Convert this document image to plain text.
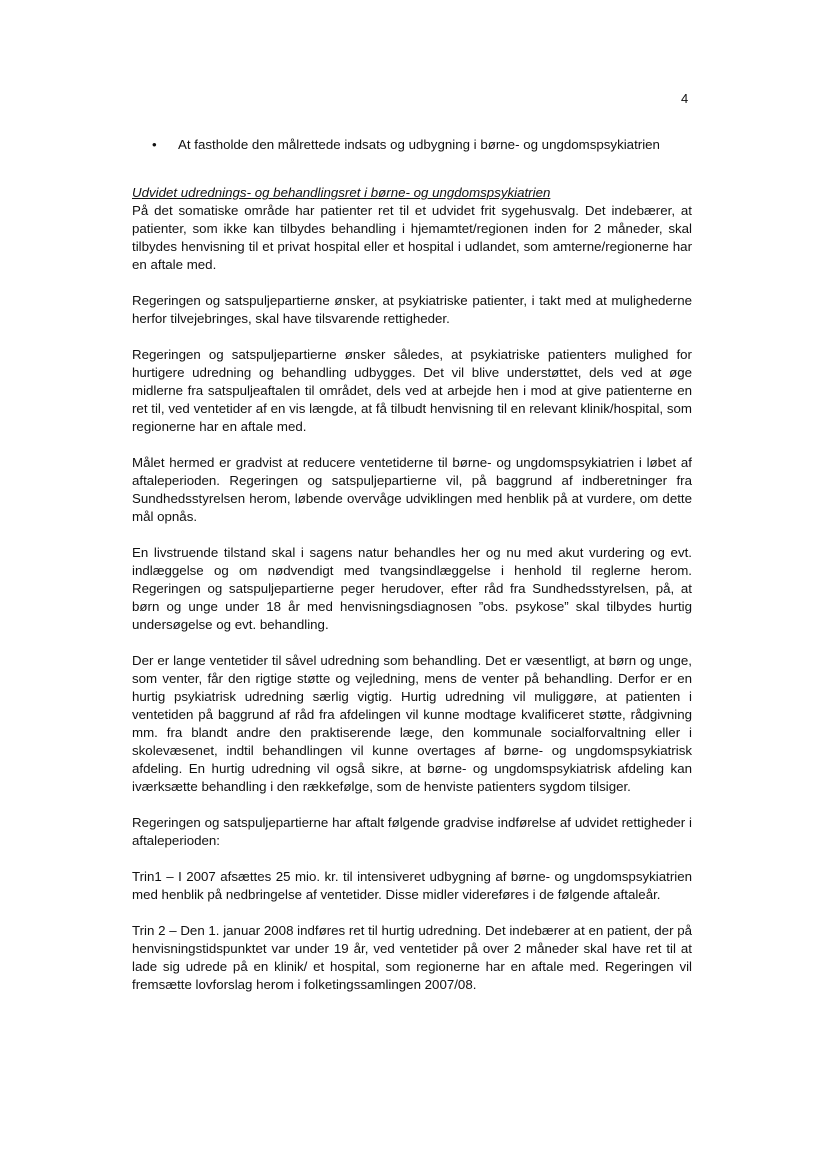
4
•	At fastholde den målrettede indsats og udbygning i børne- og ungdomspsykiatrien
Udvidet udrednings- og behandlingsret i børne- og ungdomspsykiatrien

På det somatiske område har patienter ret til et udvidet frit sygehusvalg. Det indebærer, at patienter, som ikke kan tilbydes behandling i hjemamtet/regionen inden for 2 måneder, skal tilbydes henvisning til et privat hospital eller et hospital i udlandet, som amterne/regionerne har en aftale med.

Regeringen og satspuljepartierne ønsker, at psykiatriske patienter, i takt med at mulighederne herfor tilvejebringes, skal have tilsvarende rettigheder.

Regeringen og satspuljepartierne ønsker således, at psykiatriske patienters mulighed for hurtigere udredning og behandling udbygges. Det vil blive understøttet, dels ved at øge midlerne fra satspuljeaftalen til området, dels ved at arbejde hen i mod at give patienterne en ret til, ved ventetider af en vis længde, at få tilbudt henvisning til en relevant klinik/hospital, som regionerne har en aftale med.

Målet hermed er gradvist at reducere ventetiderne til børne- og ungdomspsykiatrien i løbet af aftaleperioden. Regeringen og satspuljepartierne vil, på baggrund af indberetninger fra Sundhedsstyrelsen herom, løbende overvåge udviklingen med henblik på at vurdere, om dette mål opnås.

En livstruende tilstand skal i sagens natur behandles her og nu med akut vurdering og evt. indlæggelse og om nødvendigt med tvangsindlæggelse i henhold til reglerne herom. Regeringen og satspuljepartierne peger herudover, efter råd fra Sundhedsstyrelsen, på, at børn og unge under 18 år med henvisningsdiagnosen ”obs. psykose” skal tilbydes hurtig undersøgelse og evt. behandling.

Der er lange ventetider til såvel udredning som behandling. Det er væsentligt, at børn og unge, som venter, får den rigtige støtte og vejledning, mens de venter på behandling. Derfor er en hurtig psykiatrisk udredning særlig vigtig. Hurtig udredning vil muliggøre, at patienten i ventetiden på baggrund af råd fra afdelingen vil kunne modtage kvalificeret støtte, rådgivning mm. fra blandt andre den praktiserende læge, den kommunale socialforvaltning eller i skolevæsenet, indtil behandlingen vil kunne overtages af børne- og ungdomspsykiatrisk afdeling. En hurtig udredning vil også sikre, at børne- og ungdomspsykiatrisk afdeling kan iværksætte behandling i den rækkefølge, som de henviste patienters sygdom tilsiger.

Regeringen og satspuljepartierne har aftalt følgende gradvise indførelse af udvidet rettigheder i aftaleperioden:

Trin1 – I 2007 afsættes 25 mio. kr. til intensiveret udbygning af børne- og ungdomspsykiatrien med henblik på nedbringelse af ventetider. Disse midler videreføres i de følgende aftaleår.

Trin 2 – Den 1. januar 2008 indføres ret til hurtig udredning. Det indebærer at en patient, der på henvisningstidspunktet var under 19 år, ved ventetider på over 2 måneder skal have ret til at lade sig udrede på en klinik/ et hospital, som regionerne har en aftale med. Regeringen vil fremsætte lovforslag herom i folketingssamlingen 2007/08.
